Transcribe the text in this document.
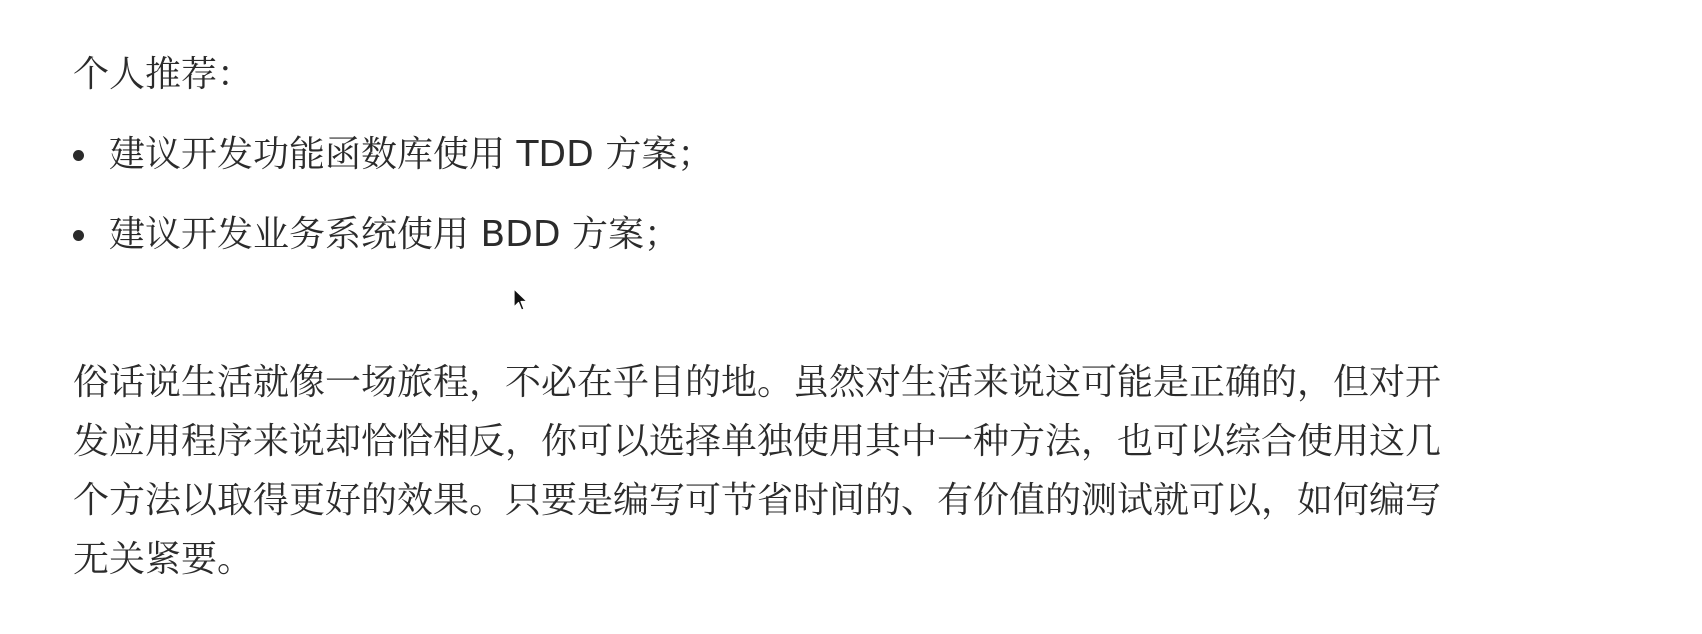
个人推荐：

建议开发功能函数库使用 TDD 方案；
建议开发业务系统使用 BDD 方案；

俗话说生活就像一场旅程，不必在乎目的地。虽然对生活来说这可能是正确的，但对开
发应用程序来说却恰恰相反，你可以选择单独使用其中一种方法，也可以综合使用这几
个方法以取得更好的效果。只要是编写可节省时间的、有价值的测试就可以，如何编写
无关紧要。
